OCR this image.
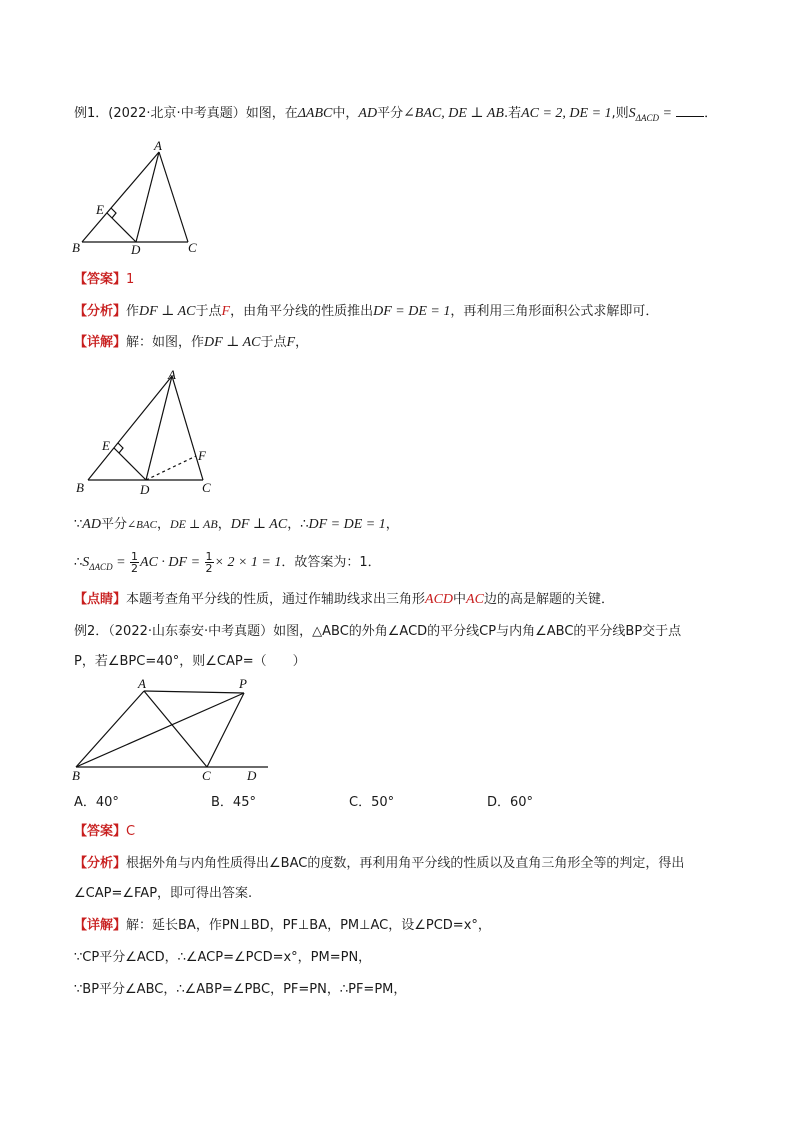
例1．(2022·北京·中考真题）如图，在ΔABC中，AD平分∠BAC, DE ⊥ AB.若AC = 2, DE = 1,则$S_{\Delta ACD}$ = ．
A
B	C
D
E
【答案】1
【分析】作DF ⊥ AC于点F，由角平分线的性质推出DF = DE = 1，再利用三角形面积公式求解即可．
【详解】解：如图，作DF ⊥ AC于点F，
A
B	C
D
E
F
∵AD平分∠BAC，DE ⊥ AB，DF ⊥ AC，∴DF = DE = 1，
$\therefore S_{\Delta ACD} = \frac{1}{2}$ AC · DF = $\frac{1}{2} \times 2 \times 1 = 1$．故答案为：1．
【点睛】本题考查角平分线的性质，通过作辅助线求出三角形ACD中AC边的高是解题的关键．
例2．（2022·山东泰安·中考真题）如图，△ABC的外角∠ACD的平分线CP与内角∠ABC的平分线BP交于点
P，若∠BPC=40°，则∠CAP=（　　）
A	P
B	C	D
A．40°	B．45°	C．50°	D．60°
【答案】C
【分析】根据外角与内角性质得出∠BAC的度数，再利用角平分线的性质以及直角三角形全等的判定，得出
∠CAP=∠FAP，即可得出答案.
【详解】解：延长BA，作PN⊥BD，PF⊥BA，PM⊥AC，设∠PCD=x°，
∵CP平分∠ACD，∴∠ACP=∠PCD=x°，PM=PN，
∵BP平分∠ABC，∴∠ABP=∠PBC，PF=PN，∴PF=PM，
